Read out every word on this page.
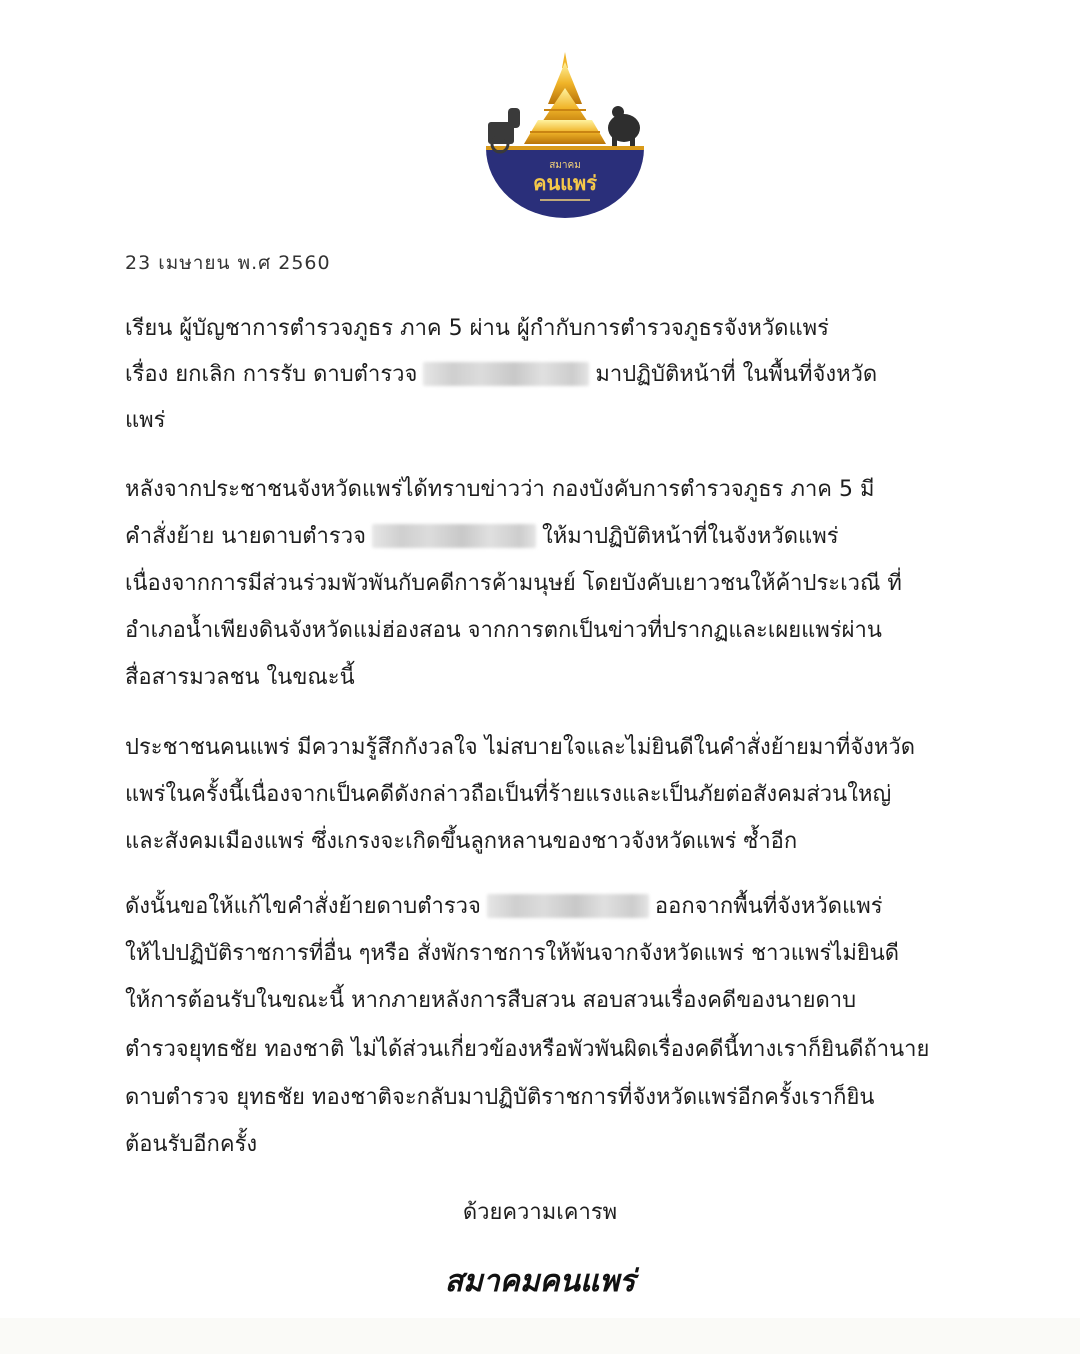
สมาคม
คนแพร่
23 เมษายน พ.ศ 2560
เรียน ผู้บัญชาการตำรวจภูธร ภาค 5 ผ่าน ผู้กำกับการตำรวจภูธรจังหวัดแพร่
เรื่อง ยกเลิก การรับ ดาบตำรวจ	มาปฏิบัติหน้าที่ ในพื้นที่จังหวัด
แพร่
หลังจากประชาชนจังหวัดแพร่ได้ทราบข่าวว่า กองบังคับการตำรวจภูธร ภาค 5 มี
คำสั่งย้าย นายดาบตำรวจ	ให้มาปฏิบัติหน้าที่ในจังหวัดแพร่
เนื่องจากการมีส่วนร่วมพัวพันกับคดีการค้ามนุษย์ โดยบังคับเยาวชนให้ค้าประเวณี ที่
อำเภอน้ำเพียงดินจังหวัดแม่ฮ่องสอน จากการตกเป็นข่าวที่ปรากฏและเผยแพร่ผ่าน
สื่อสารมวลชน ในขณะนี้
ประชาชนคนแพร่ มีความรู้สึกกังวลใจ ไม่สบายใจและไม่ยินดีในคำสั่งย้ายมาที่จังหวัด
แพร่ในครั้งนี้เนื่องจากเป็นคดีดังกล่าวถือเป็นที่ร้ายแรงและเป็นภัยต่อสังคมส่วนใหญ่
และสังคมเมืองแพร่ ซึ่งเกรงจะเกิดขึ้นลูกหลานของชาวจังหวัดแพร่ ซ้ำอีก
ดังนั้นขอให้แก้ไขคำสั่งย้ายดาบตำรวจ	ออกจากพื้นที่จังหวัดแพร่
ให้ไปปฏิบัติราชการที่อื่น ๆหรือ สั่งพักราชการให้พ้นจากจังหวัดแพร่ ชาวแพร่ไม่ยินดี
ให้การต้อนรับในขณะนี้ หากภายหลังการสืบสวน สอบสวนเรื่องคดีของนายดาบ
ตำรวจยุทธชัย ทองชาติ ไม่ได้ส่วนเกี่ยวข้องหรือพัวพันผิดเรื่องคดีนี้ทางเราก็ยินดีถ้านาย
ดาบตำรวจ ยุทธชัย ทองชาติจะกลับมาปฏิบัติราชการที่จังหวัดแพร่อีกครั้งเราก็ยิน
ต้อนรับอีกครั้ง
ด้วยความเคารพ
สมาคมคนแพร่
